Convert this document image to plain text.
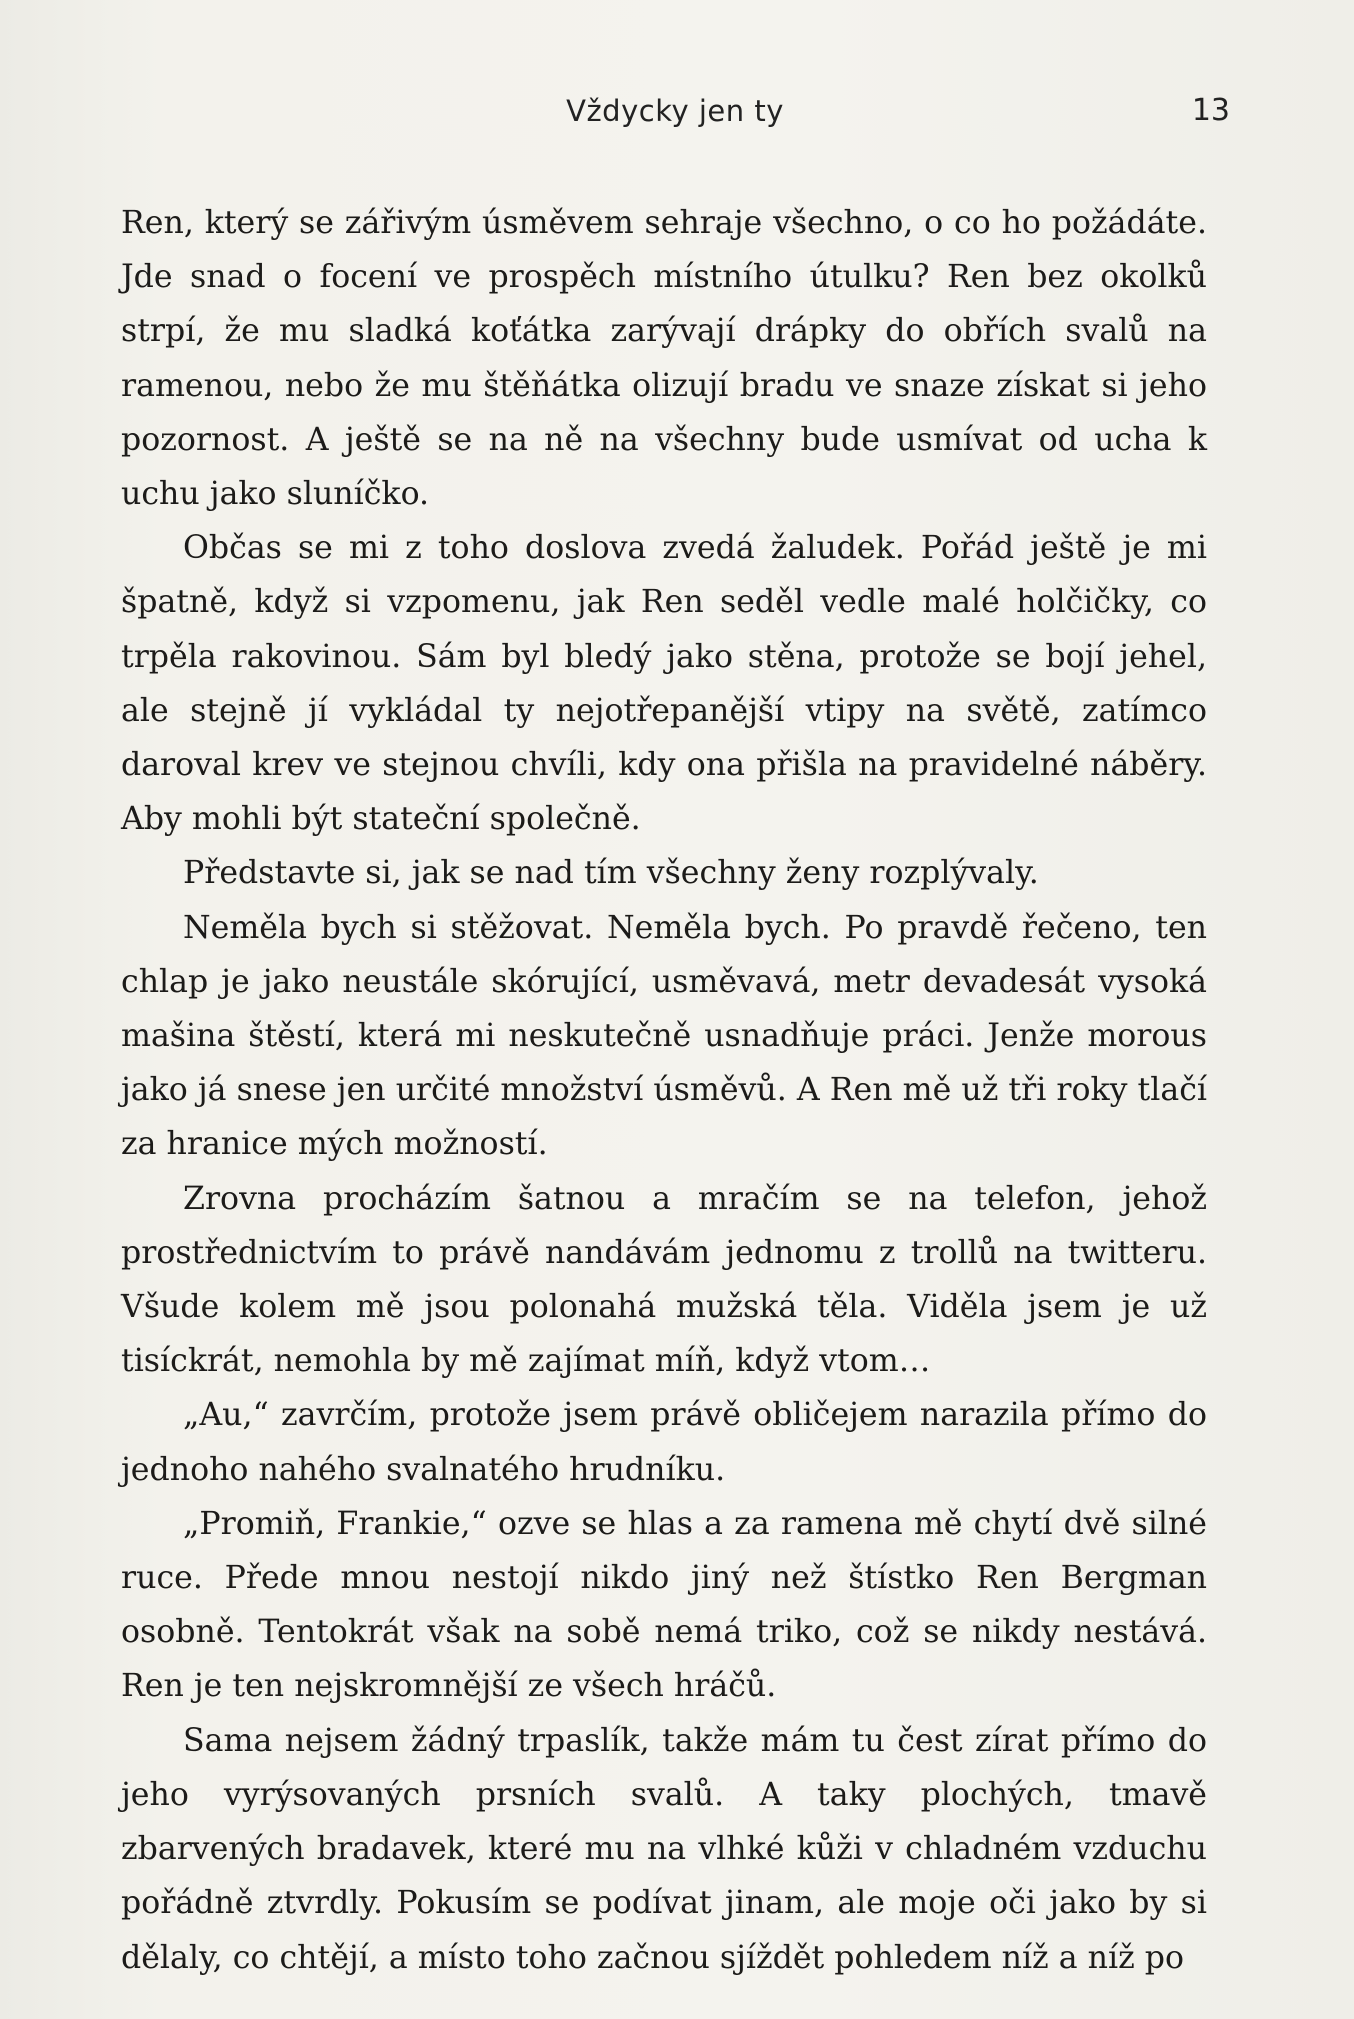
Vždycky jen ty	13

Ren, který se zářivým úsměvem sehraje všechno, o co ho požádáte. Jde snad o focení ve prospěch místního útulku? Ren bez okolků strpí, že mu sladká koťátka zarývají drápky do obřích svalů na ramenou, nebo že mu štěňátka olizují bradu ve snaze získat si jeho pozornost. A ještě se na ně na všechny bude usmívat od ucha k uchu jako sluníčko.

Občas se mi z toho doslova zvedá žaludek. Pořád ještě je mi špatně, když si vzpomenu, jak Ren seděl vedle malé holčičky, co trpěla rakovinou. Sám byl bledý jako stěna, protože se bojí jehel, ale stejně jí vykládal ty nejotřepanější vtipy na světě, zatímco daroval krev ve stejnou chvíli, kdy ona přišla na pravidelné náběry. Aby mohli být stateční společně.

Představte si, jak se nad tím všechny ženy rozplývaly.

Neměla bych si stěžovat. Neměla bych. Po pravdě řečeno, ten chlap je jako neustále skórující, usměvavá, metr devadesát vysoká mašina štěstí, která mi neskutečně usnadňuje práci. Jenže morous jako já snese jen určité množství úsměvů. A Ren mě už tři roky tlačí za hranice mých možností.

Zrovna procházím šatnou a mračím se na telefon, jehož prostřednictvím to právě nandávám jednomu z trollů na twitteru. Všude kolem mě jsou polonahá mužská těla. Viděla jsem je už tisíckrát, nemohla by mě zajímat míň, když vtom…

„Au,“ zavrčím, protože jsem právě obličejem narazila přímo do jednoho nahého svalnatého hrudníku.

„Promiň, Frankie,“ ozve se hlas a za ramena mě chytí dvě silné ruce. Přede mnou nestojí nikdo jiný než štístko Ren Bergman osobně. Tentokrát však na sobě nemá triko, což se nikdy nestává. Ren je ten nejskromnější ze všech hráčů.

Sama nejsem žádný trpaslík, takže mám tu čest zírat přímo do jeho vyrýsovaných prsních svalů. A taky plochých, tmavě zbarvených bradavek, které mu na vlhké kůži v chladném vzduchu pořádně ztvrdly. Pokusím se podívat jinam, ale moje oči jako by si dělaly, co chtějí, a místo toho začnou sjíždět pohledem níž a níž po
